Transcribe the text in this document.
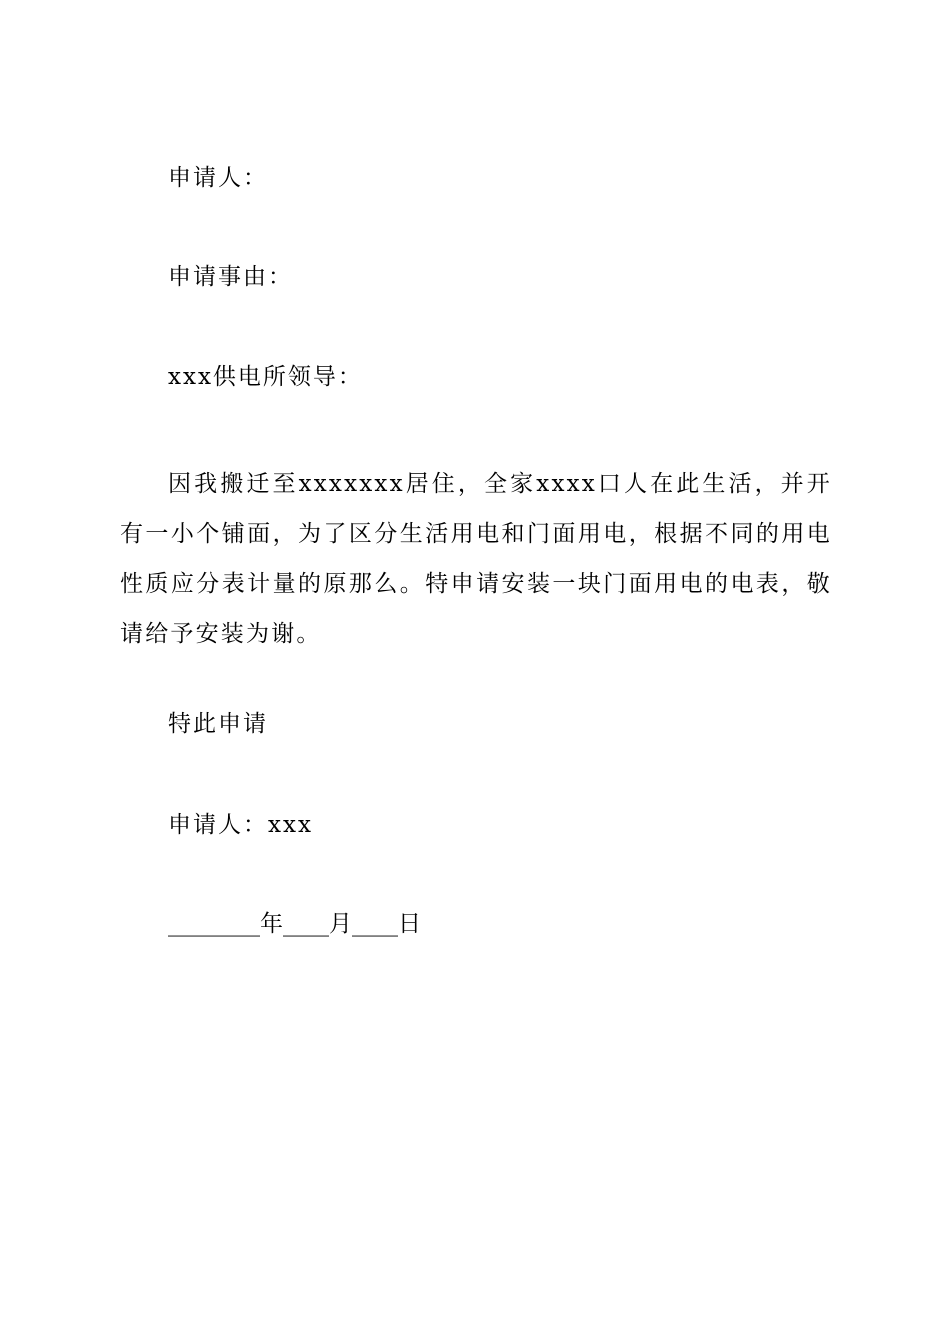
申请人：
申请事由：
xxx供电所领导：

因我搬迁至xxxxxxx居住，全家xxxx口人在此生活，并开有一小个铺面，为了区分生活用电和门面用电，根据不同的用电性质应分表计量的原那么。特申请安装一块门面用电的电表，敬请给予安装为谢。

特此申请
申请人：xxx
________年____月____日
